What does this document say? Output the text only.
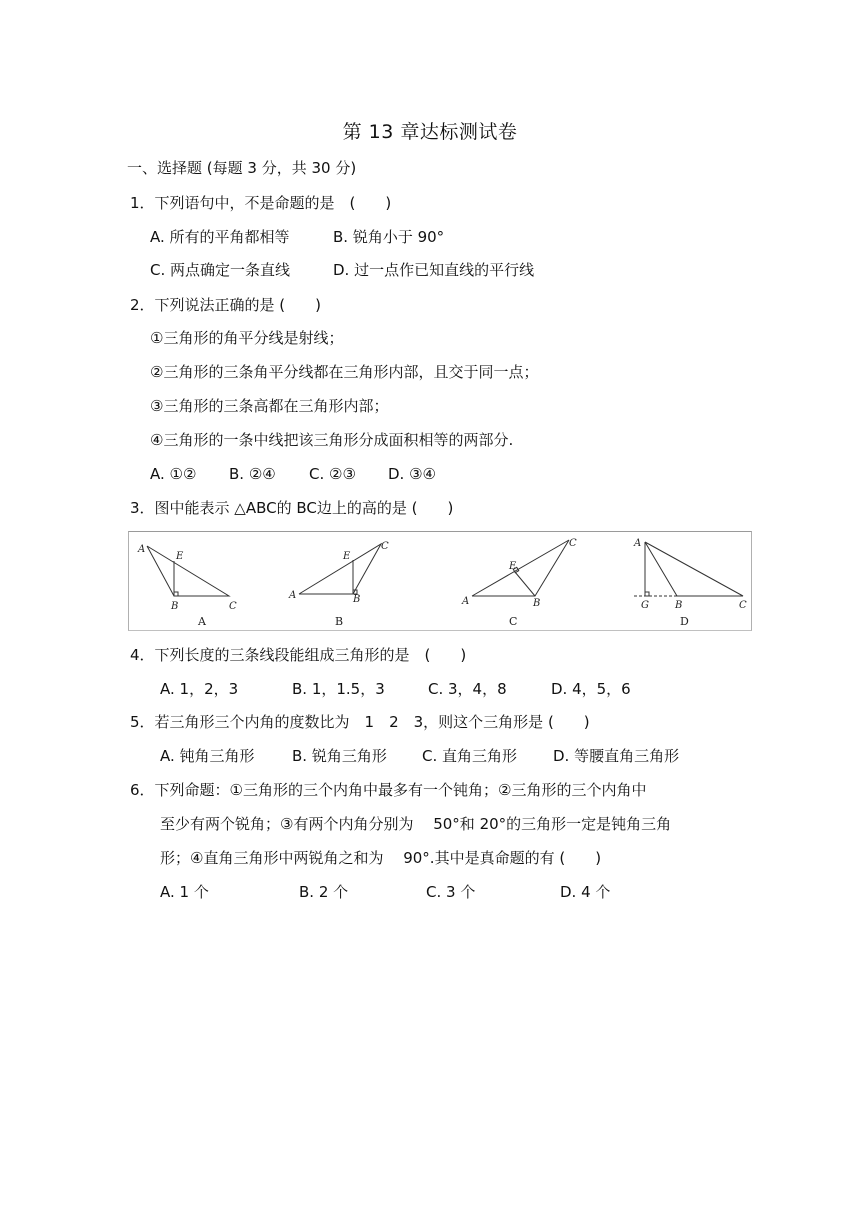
第 13 章达标测试卷
一、选择题 (每题 3 分，共 30 分)
1．下列语句中，不是命题的是　(　　)
A. 所有的平角都相等	B. 锐角小于 90°
C. 两点确定一条直线	D. 过一点作已知直线的平行线
2．下列说法正确的是 (　　)
①三角形的角平分线是射线；
②三角形的三条角平分线都在三角形内部，且交于同一点；
③三角形的三条高都在三角形内部；
④三角形的一条中线把该三角形分成面积相等的两部分.
A. ①② B. ②④ C. ②③ D. ③④
3．图中能表示 △ABC的 BC边上的高的是 (　　)
A
E
B	C
A
E
B
C
A
E
B
C	A
G	B	C
A	B	C	D
4．下列长度的三条线段能组成三角形的是　(　　)
A. 1，2，3	B. 1，1.5，3	C. 3，4，8	D. 4，5，6
5．若三角形三个内角的度数比为　1　2　3，则这个三角形是 (　　)
A. 钝角三角形 B. 锐角三角形 C. 直角三角形 D. 等腰直角三角形
6．下列命题：①三角形的三个内角中最多有一个钝角；②三角形的三个内角中
至少有两个锐角；③有两个内角分别为　 50°和 20°的三角形一定是钝角三角
形；④直角三角形中两锐角之和为　 90°.其中是真命题的有 (　　)
A. 1 个	B. 2 个	C. 3 个	D. 4 个
